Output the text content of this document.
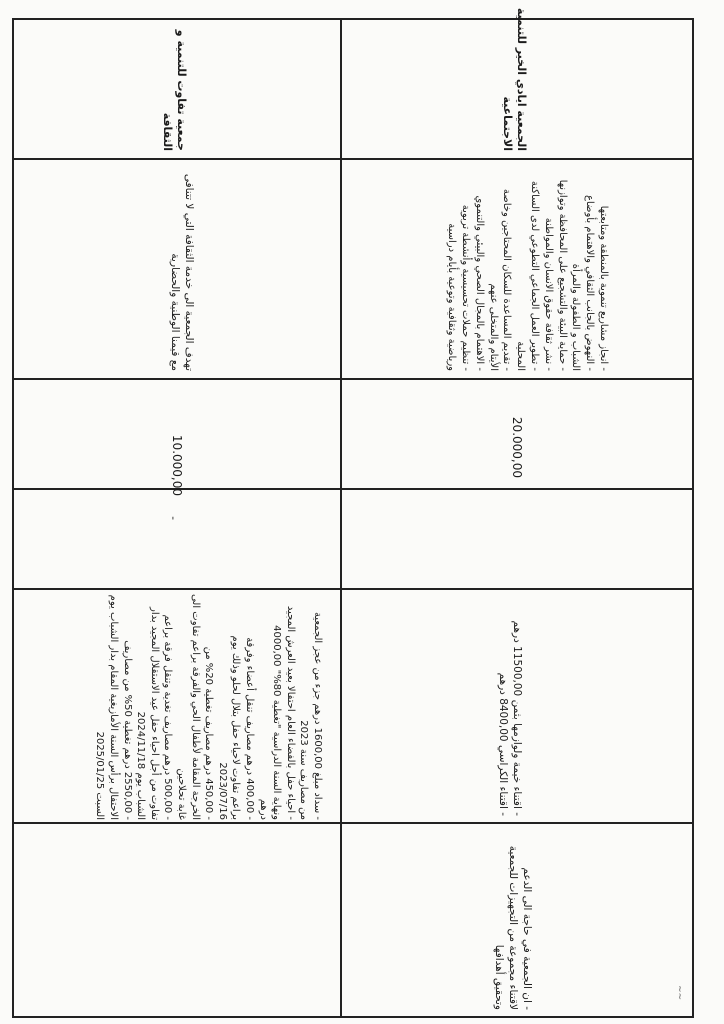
جمعية تفاوت للتنمية و الثقافة
تهدف الجمعية الى خدمة الثقافة التي لا تتنافى
مع قيمنا الوطنية والحضارية
10.000,00
-
- سداد مبلغ 1600,00 درهم جزء من عجز الجمعية
من مصاريف سنة 2023
- احياء حفل بالفضاء العام احتفالا بعيد العرش المجيد
ونهاية السنة الدراسية "تغطية 80%" 4000,00
درهم
- 400,00 درهم مصاريف تنقل أعضاء وفرقة
براعم تفاوت لاحياء حفل بتلال لحلو وذلك يوم
2023/07/16
- 450,00 درهم مصاريف تغطية 20% من
الخرجة المقامة لأطفال الحي والفرقة براعم تفاوت الى
غابة تحلاحين
- 500,00 درهم مصاريف تغدية وتنقل فرقة براعم
تفاوت من أجل احياء حفل عيد الاستقلال المجيد بدار
الشباب يوم 2024/11/18
- 2550,00 درهم تغطية 50% من مصاريف
الاحتفال برأس السنة الأمازيغية المقام بدار الشباب يوم
السبت 2025/01/25
الجمعية ايادي الخير للتنمية
الاجتماعية
- انجاز مشاريع تنموية بالمنطقة ومتابعتها
- النهوض بالجانب الثقافي والاهتمام بأوضاع
الشباب و الطفولة والمرأة
- حماية البيئة والتشجيع على المحافظة وتوازنها
- نشر ثقافة حقوق الانسان والمواطنة
- تطوير العمل الجماعي التطوعي لدى الساكنة
المحلية
- تقديم المساعدة للسكان المحتاجين وخاصة
الأيتام والمتخلى عنهم
- الاهتمام بالمجال الصحي والبيئي والتنموي
- تنظيم حملات تحسيسية وأنشطة تربوية
ورياضية وثقافية وتوعية بأيام دراسية
20.000,00
- اقتناء خيمة ولوازمها بثمن 11500,00 درهم
- اقتناء الكراسي 8400,00 درهم
- ان الجمعية في حاجة الى الدعم
لاقتناء مجموعة من التجهيزات للجمعية
وتحقيق أهدافها	~~
